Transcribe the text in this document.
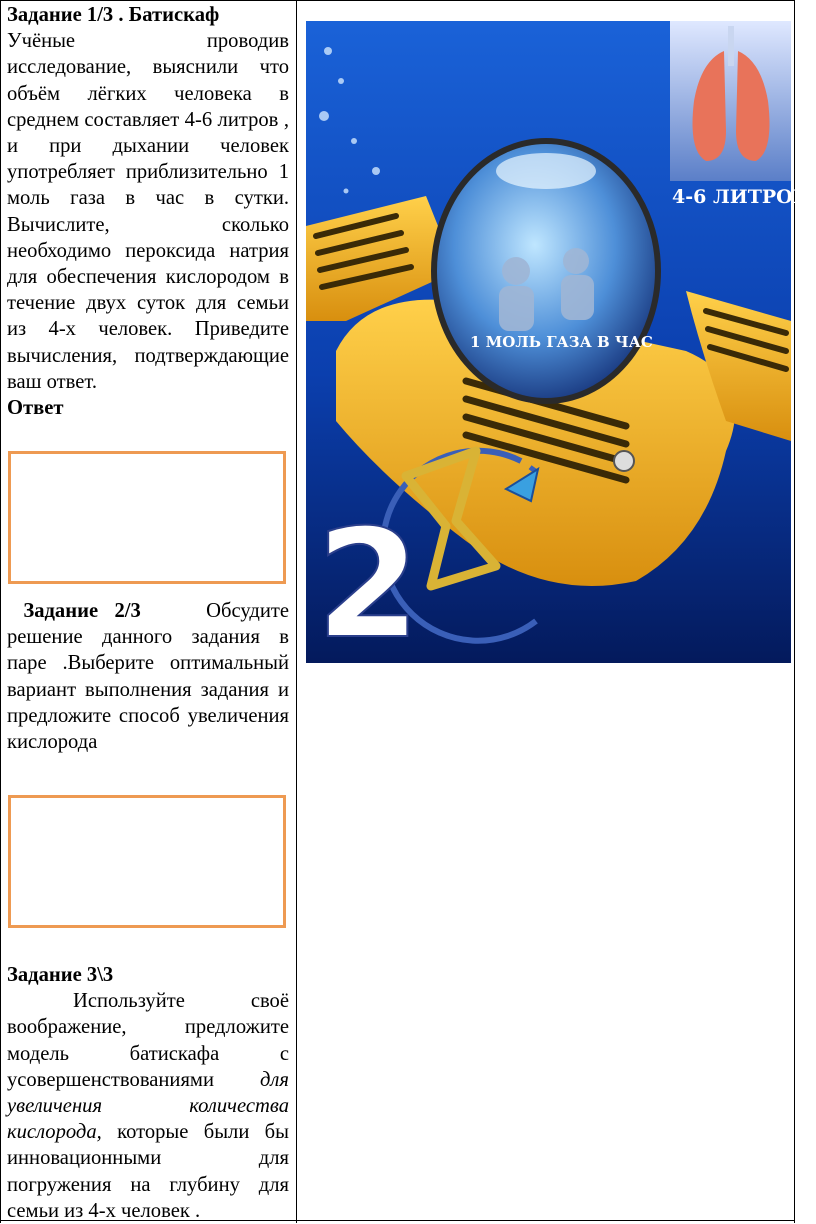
Задание 1/3 . Батискаф
Учёные проводив исследование, выяснили что объём лёгких человека в среднем составляет 4-6 литров , и при дыхании человек употребляет приблизительно 1 моль газа в час в сутки. Вычислите, сколько необходимо пероксида натрия для обеспечения кислородом в течение двух суток для семьи из 4-х человек. Приведите вычисления, подтверждающие ваш ответ.
Ответ
Задание 2/3	Обсудите решение данного задания в паре .Выберите оптимальный вариант выполнения задания и предложите способ увеличения кислорода
Задание 3\3
Используйте своё воображение, предложите модель батискафа с усовершенствованиями для увеличения количества кислорода, которые были бы инновационными для погружения на глубину для семьи из 4-х человек .
4-6 ЛИТРОВ
1 МОЛЬ ГАЗА В ЧАС
2
